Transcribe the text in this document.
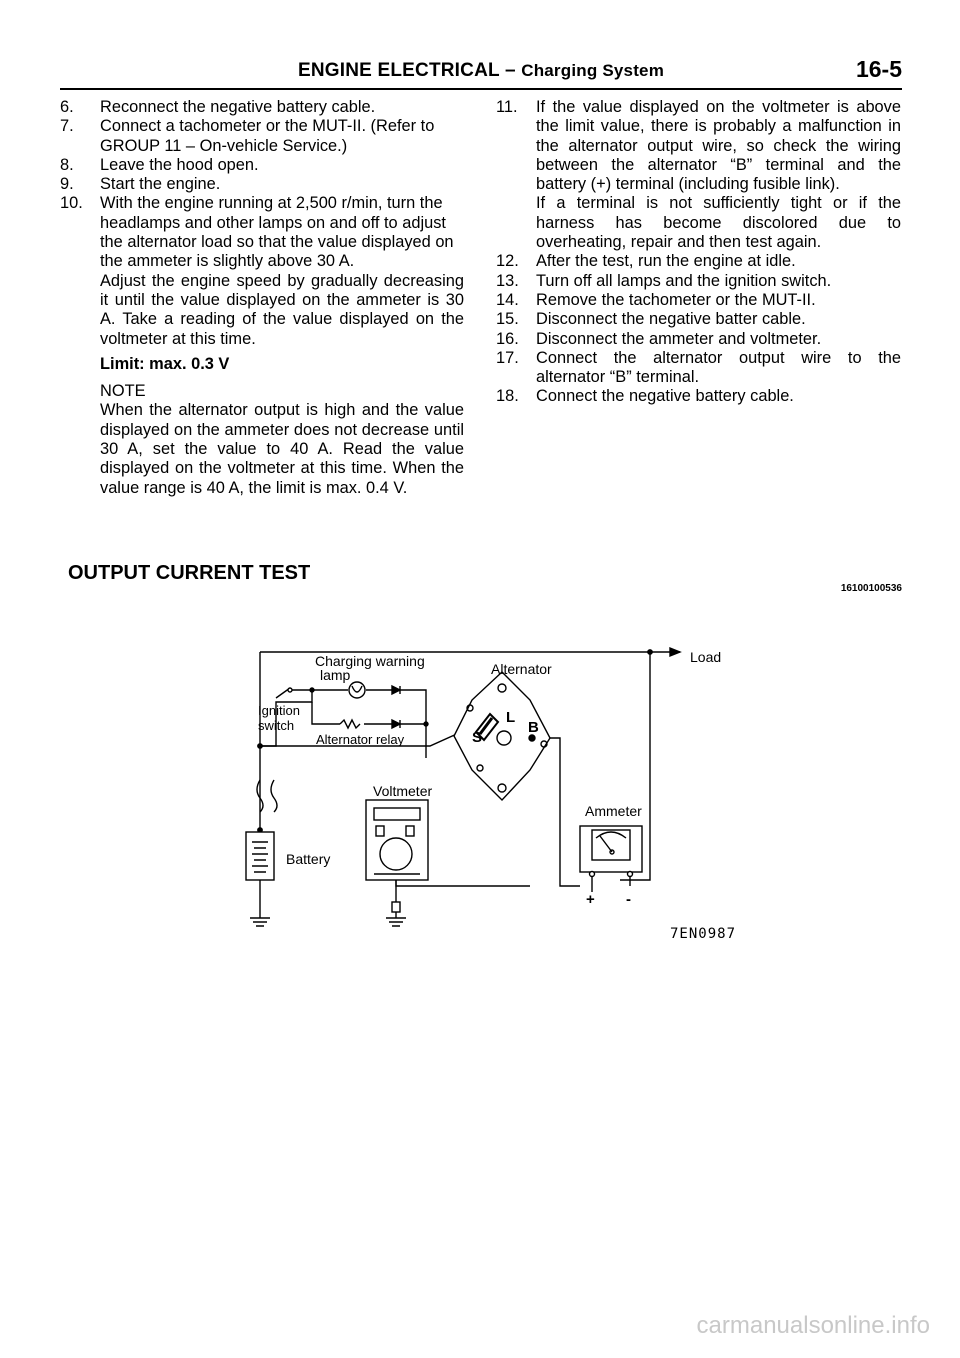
ENGINE ELECTRICAL – Charging System	16-5
6.	Reconnect the negative battery cable.
7.	Connect a tachometer or the MUT-II. (Refer to GROUP 11 – On-vehicle Service.)
8.	Leave the hood open.
9.	Start the engine.
10.	With the engine running at 2,500 r/min, turn the headlamps and other lamps on and off to adjust the alternator load so that the value displayed on the ammeter is slightly above 30 A.
Adjust the engine speed by gradually decreasing it until the value displayed on the ammeter is 30 A. Take a reading of the value displayed on the voltmeter at this time.
Limit: max. 0.3 V
NOTE
When the alternator output is high and the value displayed on the ammeter does not decrease until 30 A, set the value to 40 A. Read the value displayed on the voltmeter at this time. When the value range is 40 A, the limit is max. 0.4 V.
11.	If the value displayed on the voltmeter is above the limit value, there is probably a malfunction in the alternator output wire, so check the wiring between the alternator “B” terminal and the battery (+) terminal (including fusible link).
If a terminal is not sufficiently tight or if the harness has become discolored due to overheating, repair and then test again.
12.	After the test, run the engine at idle.
13.	Turn off all lamps and the ignition switch.
14.	Remove the tachometer or the MUT-II.
15.	Disconnect the negative batter cable.
16.	Disconnect the ammeter and voltmeter.
17.	Connect the alternator output wire to the alternator “B” terminal.
18.	Connect the negative battery cable.
OUTPUT CURRENT TEST
16100100536
Charging warning
lamp	Alternator
Load
Ignition
switch
Alternator relay
L
B
S
Voltmeter
Ammeter
Battery
+ -
7EN0987
carmanualsonline.info
